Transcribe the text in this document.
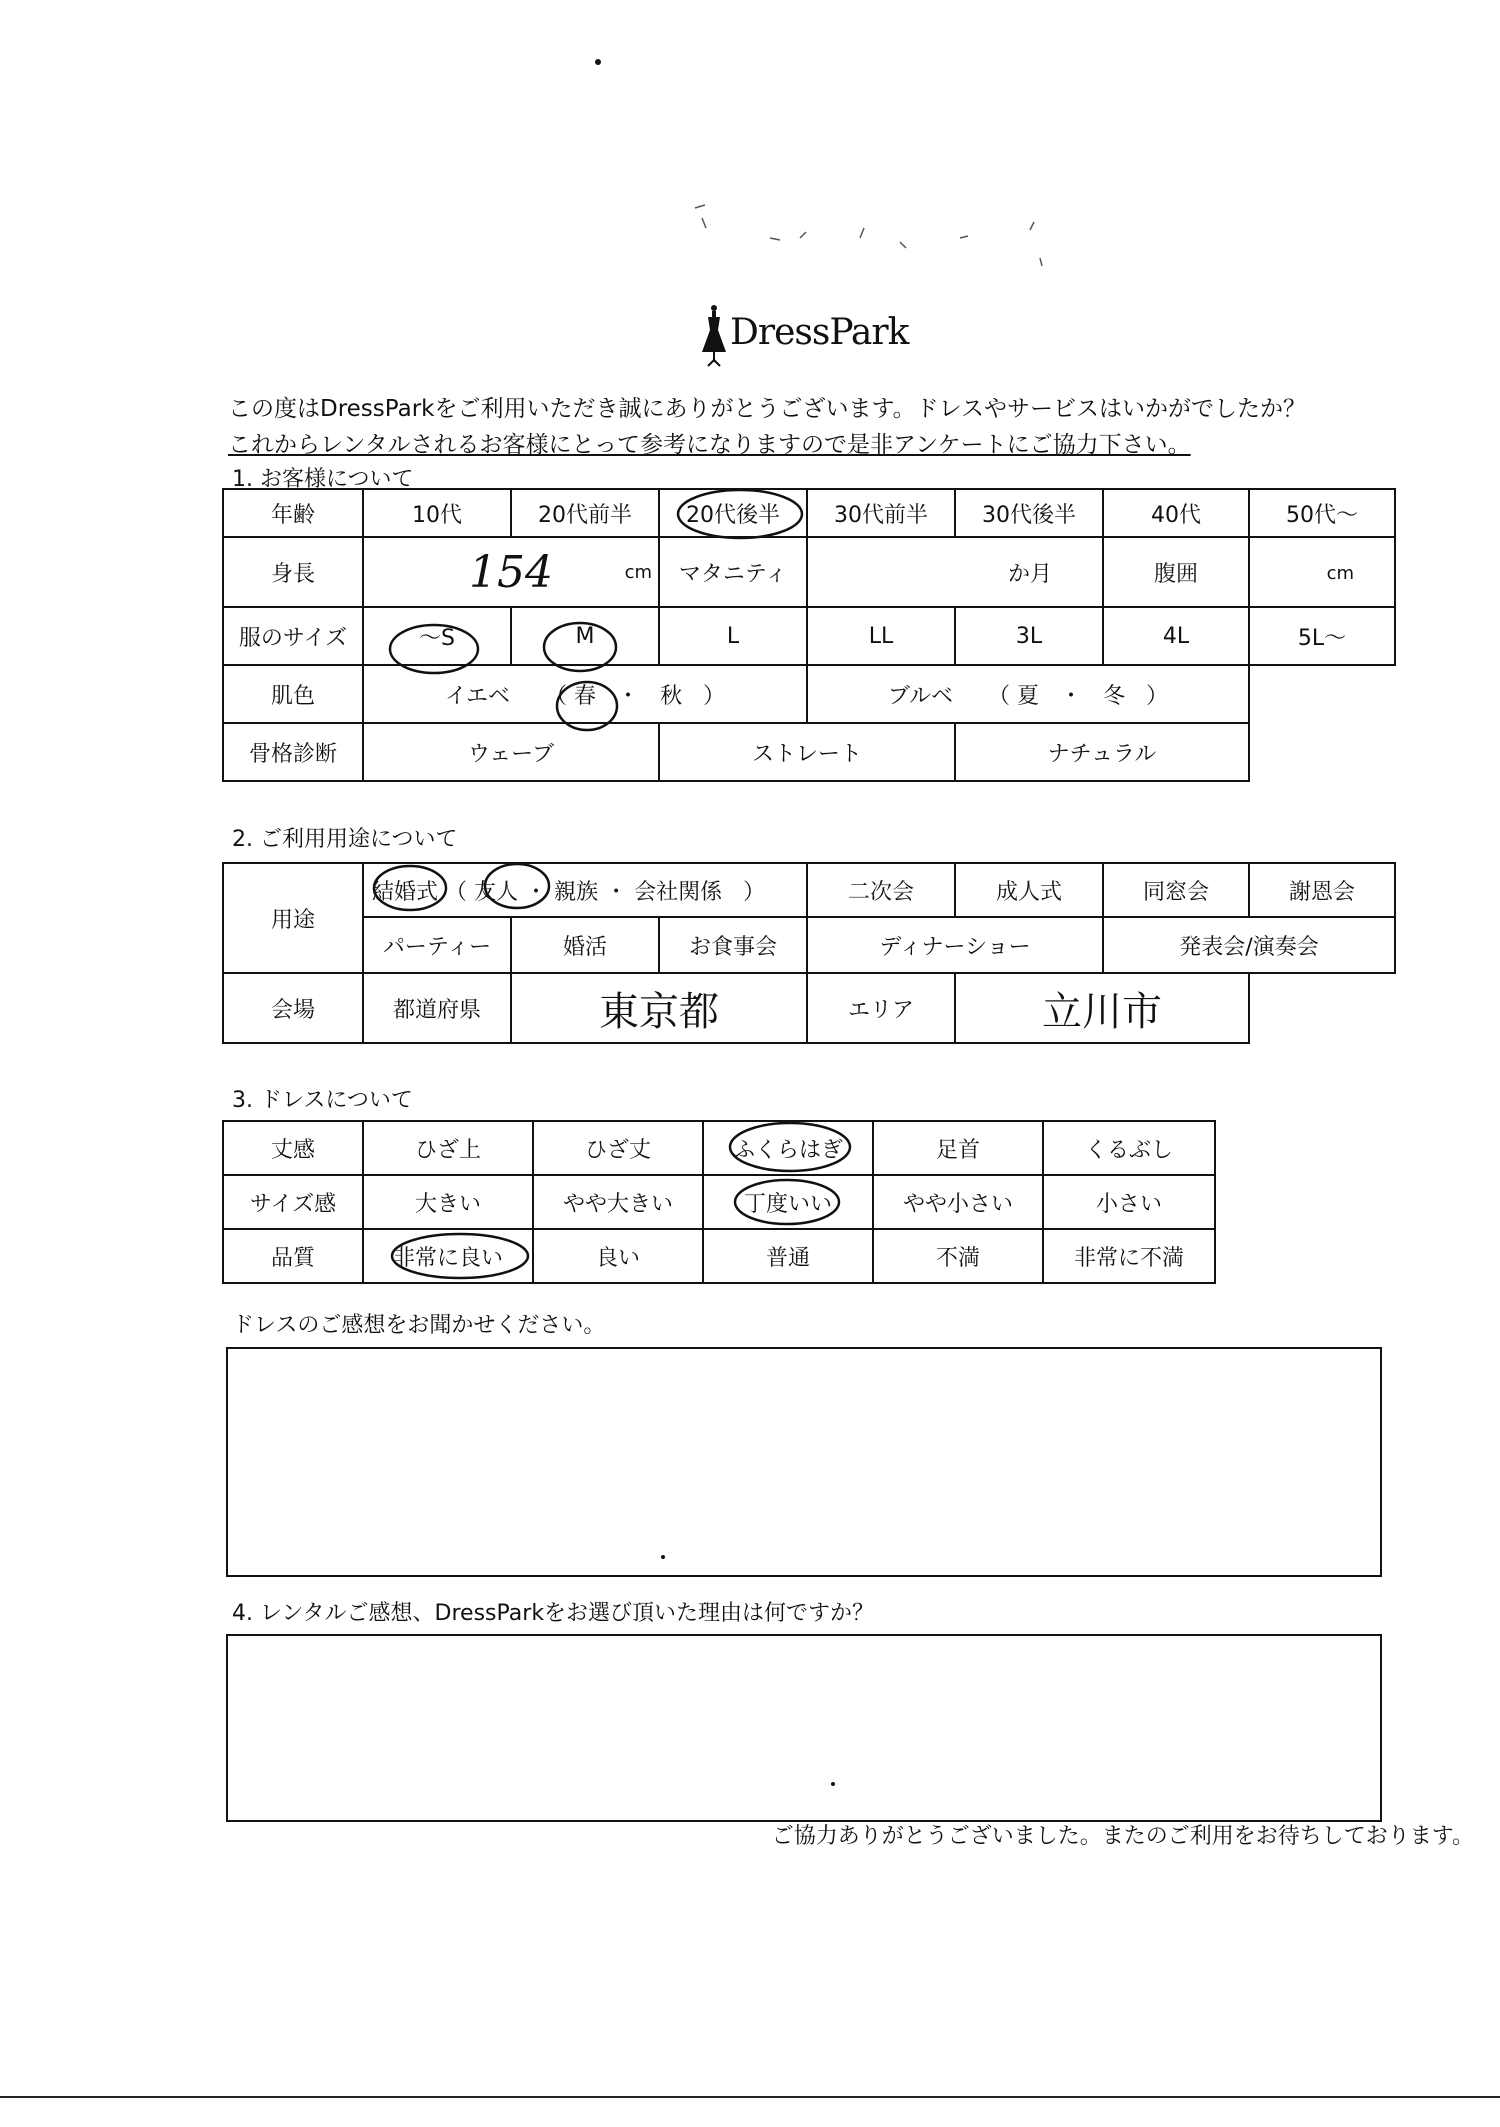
DressPark
この度はDressParkをご利用いただき誠にありがとうございます。ドレスやサービスはいかがでしたか？
これからレンタルされるお客様にとって参考になりますので是非アンケートにご協力下さい。
1. お客様について
年齢	10代	20代前半	20代後半	30代前半	30代後半	40代	50代～
身長	154 cm		マタニティ	か月		腹囲	cm
服のサイズ	～S	M	L	LL	3L	4L	5L～
肌色	イエベ （ 春 ・ 秋 ）			ブルベ （ 夏 ・ 冬 ）			
骨格診断	ウェーブ		ストレート		ナチュラル		
2. ご利用用途について
用途	結婚式 （ 友人 ・ 親族 ・ 会社関係 ）			二次会	成人式	同窓会	謝恩会
	パーティー	婚活	お食事会	ディナーショー		発表会/演奏会	
会場	都道府県	東京都		エリア	立川市		
3. ドレスについて
丈感	ひざ上	ひざ丈	ふくらはぎ	足首	くるぶし
サイズ感	大きい	やや大きい	丁度いい	やや小さい	小さい
品質	非常に良い	良い	普通	不満	非常に不満
ドレスのご感想をお聞かせください。
4. レンタルご感想、DressParkをお選び頂いた理由は何ですか？
ご協力ありがとうございました。またのご利用をお待ちしております。
